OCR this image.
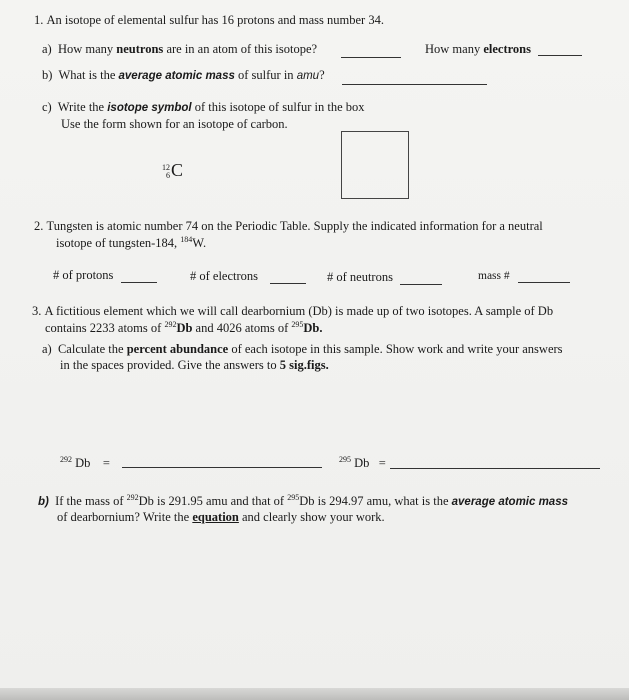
1. An isotope of elemental sulfur has 16 protons and mass number 34.
a) How many neutrons are in an atom of this isotope?	How many electrons
b) What is the average atomic mass of sulfur in amu?
c) Write the isotope symbol of this isotope of sulfur in the box
Use the form shown for an isotope of carbon.
12
6C
2. Tungsten is atomic number 74 on the Periodic Table. Supply the indicated information for a neutral
isotope of tungsten-184, $^{184}$W.
# of protons	# of electrons	# of neutrons	mass #
3. A fictitious element which we will call dearbornium (Db) is made up of two isotopes. A sample of Db
contains 2233 atoms of $^{292}$Db and 4026 atoms of $^{295}$Db.
a) Calculate the percent abundance of each isotope in this sample. Show work and write your answers
in the spaces provided. Give the answers to 5 sig.figs.
$^{292}$ Db =	$^{295}$ Db =
b) If the mass of $^{292}$Db is 291.95 amu and that of $^{295}$Db is 294.97 amu, what is the average atomic mass
of dearbornium? Write the equation and clearly show your work.
